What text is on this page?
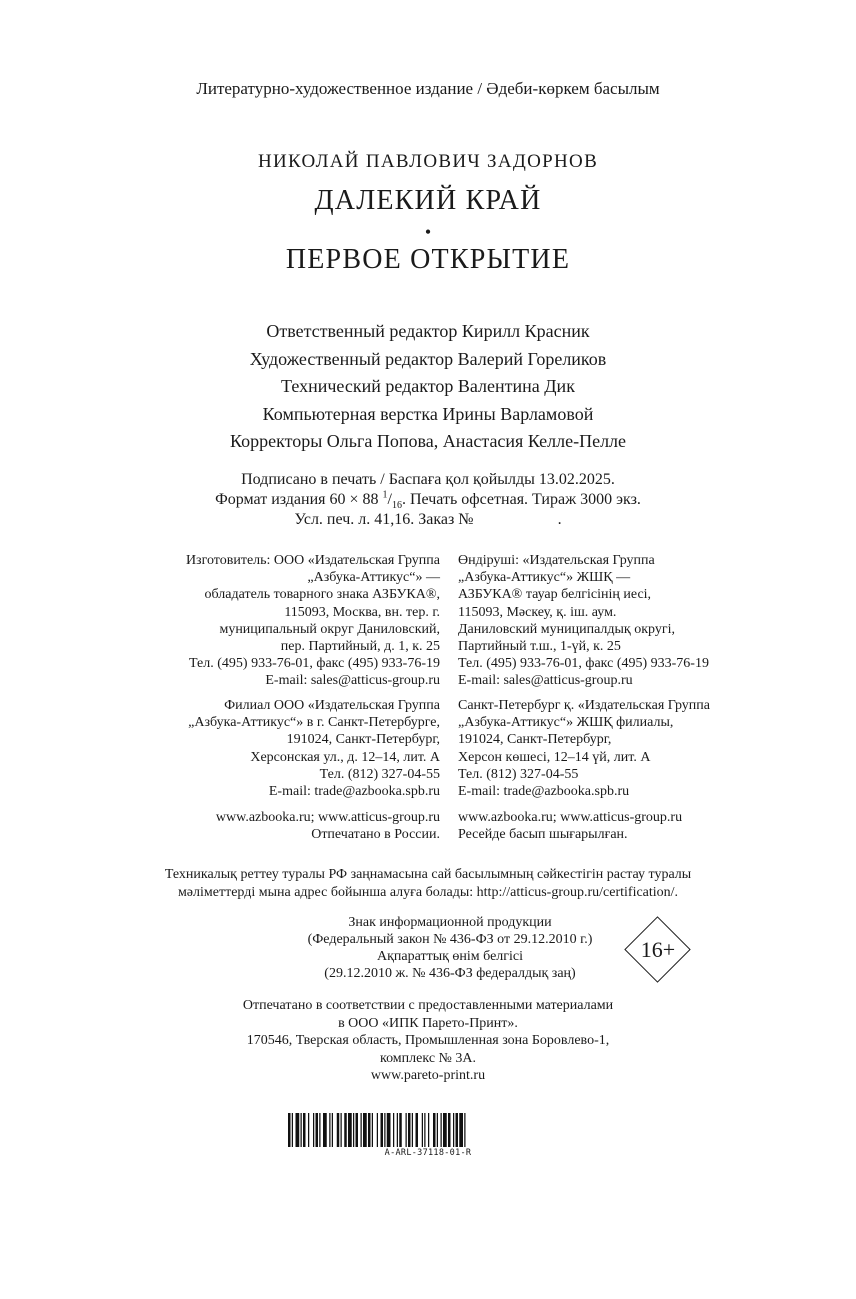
Литературно-художественное издание / Әдеби-көркем басылым
НИКОЛАЙ ПАВЛОВИЧ ЗАДОРНОВ
ДАЛЕКИЙ КРАЙ
•
ПЕРВОЕ ОТКРЫТИЕ
Ответственный редактор Кирилл Красник
Художественный редактор Валерий Гореликов
Технический редактор Валентина Дик
Компьютерная верстка Ирины Варламовой
Корректоры Ольга Попова, Анастасия Келле-Пелле
Подписано в печать / Баспаға қол қойылды 13.02.2025.
Формат издания 60 × 88 $^1/_{16}$. Печать офсетная. Тираж 3000 экз.
Усл. печ. л. 41,16. Заказ №	.
Изготовитель: ООО «Издательская Группа
„Азбука-Аттикус“» —
обладатель товарного знака АЗБУКА®,
115093, Москва, вн. тер. г.
муниципальный округ Даниловский,
пер. Партийный, д. 1, к. 25
Тел. (495) 933-76-01, факс (495) 933-76-19
E-mail: sales@atticus-group.ru
Өндіруші: «Издательская Группа
„Азбука-Аттикус“» ЖШҚ —
АЗБУКА® тауар белгісінің иесі,
115093, Мәскеу, қ. іш. аум.
Даниловский муниципалдық округі,
Партийный т.ш., 1-үй, к. 25
Тел. (495) 933-76-01, факс (495) 933-76-19
E-mail: sales@atticus-group.ru
Филиал ООО «Издательская Группа
„Азбука-Аттикус“» в г. Санкт-Петербурге,
191024, Санкт-Петербург,
Херсонская ул., д. 12–14, лит. А
Тел. (812) 327-04-55
E-mail: trade@azbooka.spb.ru
Санкт-Петербург қ. «Издательская Группа
„Азбука-Аттикус“» ЖШҚ филиалы,
191024, Санкт-Петербург,
Херсон көшесі, 12–14 үй, лит. А
Тел. (812) 327-04-55
E-mail: trade@azbooka.spb.ru
www.azbooka.ru; www.atticus-group.ru
Отпечатано в России.
www.azbooka.ru; www.atticus-group.ru
Ресейде басып шығарылған.
Техникалық реттеу туралы РФ заңнамасына сай басылымның сәйкестігін растау туралы
мәліметтерді мына адрес бойынша алуға болады: http://atticus-group.ru/certification/.
Знак информационной продукции
(Федеральный закон № 436-ФЗ от 29.12.2010 г.)
Ақпараттық өнім белгісі
(29.12.2010 ж. № 436-ФЗ федералдық заң)
16+
Отпечатано в соответствии с предоставленными материалами
в ООО «ИПК Парето-Принт».
170546, Тверская область, Промышленная зона Боровлево-1,
комплекс № 3А.
www.pareto-print.ru
A-ARL-37118-01-R
